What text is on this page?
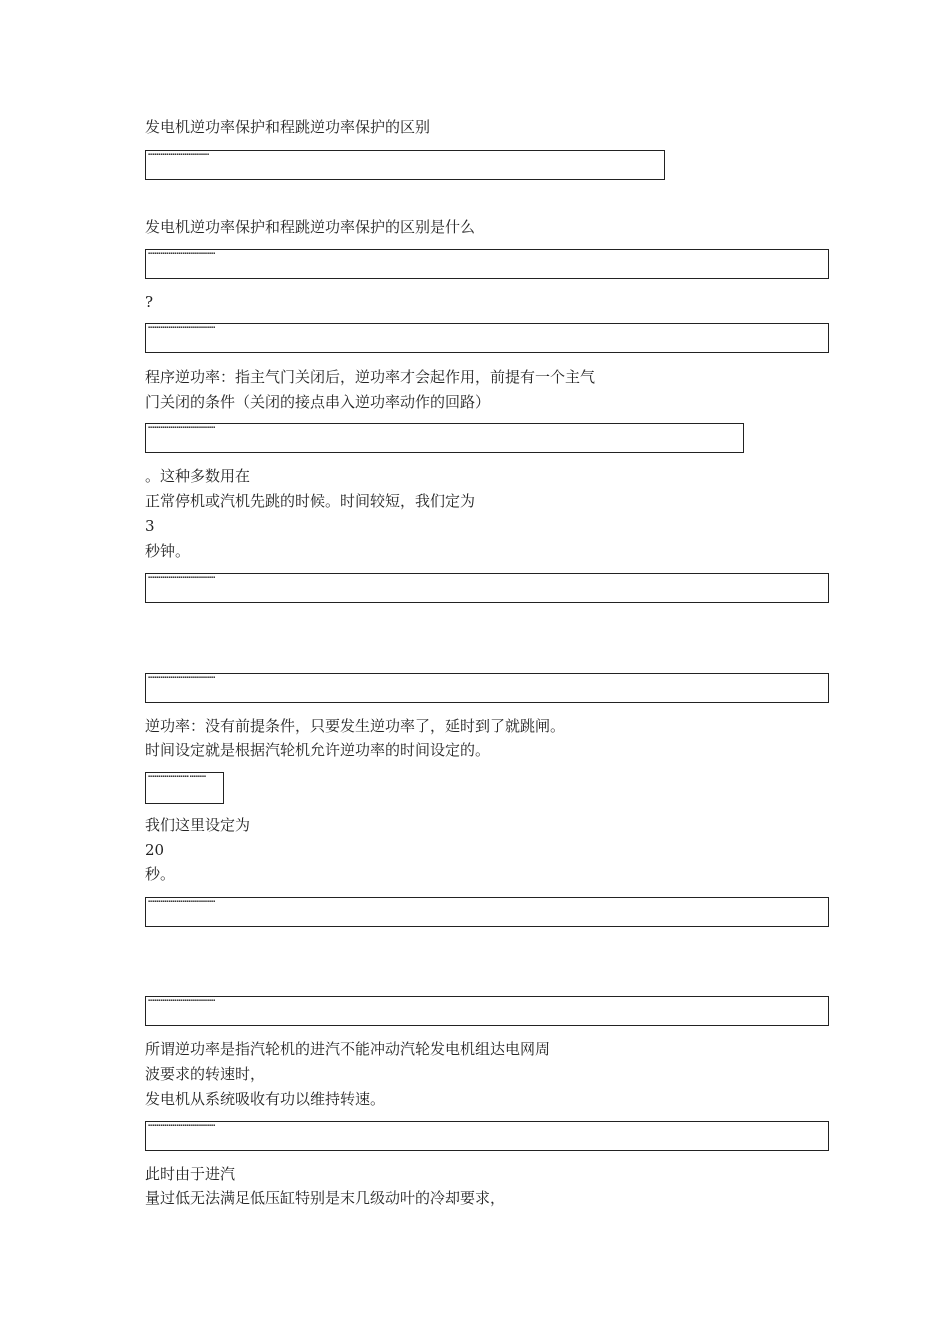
发电机逆功率保护和程跳逆功率保护的区别
▪▪▪▪▪▪▪▪▪▪▪▪▪▪▪▪▪▪▪▪▪▪▪▪▪▪▪▪▪▪
发电机逆功率保护和程跳逆功率保护的区别是什么
▪▪▪▪▪▪▪▪▪▪▪▪▪▪▪▪▪▪▪▪▪▪▪▪▪▪▪▪▪▪▪▪▪
?
▪▪▪▪▪▪▪▪▪▪▪▪▪▪▪▪▪▪▪▪▪▪▪▪▪▪▪▪▪▪▪▪▪
程序逆功率：指主气门关闭后，逆功率才会起作用，前提有一个主气
门关闭的条件（关闭的接点串入逆功率动作的回路）
▪▪▪▪▪▪▪▪▪▪▪▪▪▪▪▪▪▪▪▪▪▪▪▪▪▪▪▪▪▪▪▪▪
。这种多数用在
正常停机或汽机先跳的时候。时间较短，我们定为
3
秒钟。
▪▪▪▪▪▪▪▪▪▪▪▪▪▪▪▪▪▪▪▪▪▪▪▪▪▪▪▪▪▪▪▪▪
▪▪▪▪▪▪▪▪▪▪▪▪▪▪▪▪▪▪▪▪▪▪▪▪▪▪▪▪▪▪▪▪▪
逆功率：没有前提条件，只要发生逆功率了，延时到了就跳闸。
时间设定就是根据汽轮机允许逆功率的时间设定的。
▪▪▪▪▪▪▪▪▪▪▪▪▪▪▪▪▪▪▪▪ ▪▪▪▪▪▪▪▪
我们这里设定为
20
秒。
▪▪▪▪▪▪▪▪▪▪▪▪▪▪▪▪▪▪▪▪▪▪▪▪▪▪▪▪▪▪▪▪▪
▪▪▪▪▪▪▪▪▪▪▪▪▪▪▪▪▪▪▪▪▪▪▪▪▪▪▪▪▪▪▪▪▪
所谓逆功率是指汽轮机的进汽不能冲动汽轮发电机组达电网周
波要求的转速时，
发电机从系统吸收有功以维持转速。
▪▪▪▪▪▪▪▪▪▪▪▪▪▪▪▪▪▪▪▪▪▪▪▪▪▪▪▪▪▪▪▪▪
此时由于进汽
量过低无法满足低压缸特别是末几级动叶的冷却要求，
